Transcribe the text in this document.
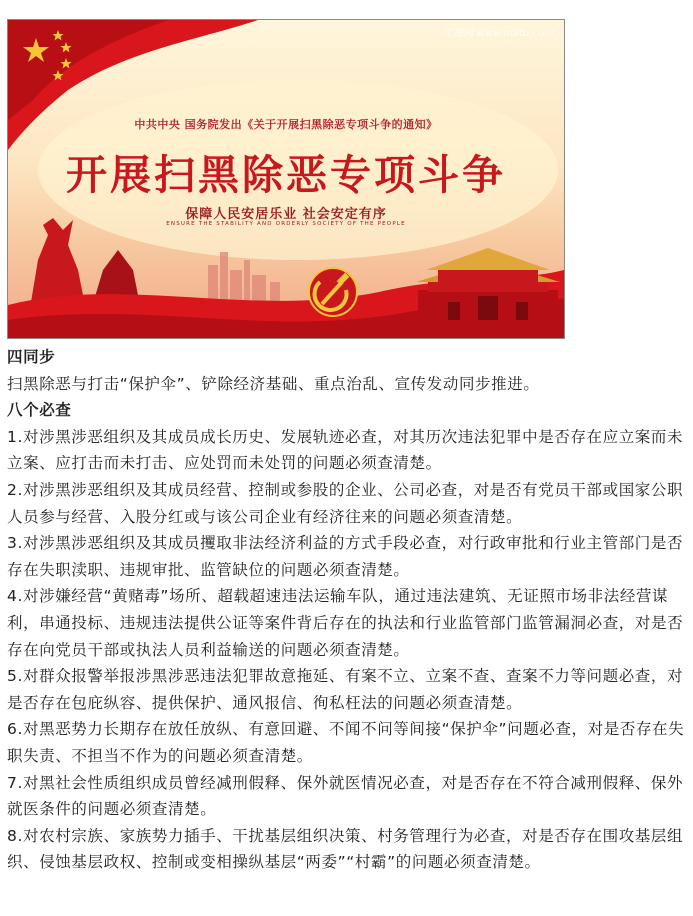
汇图网 www.huitu.com
中共中央 国务院发出《关于开展扫黑除恶专项斗争的通知》
开展扫黑除恶专项斗争
保障人民安居乐业 社会安定有序
ENSURE THE STABILITY AND ORDERLY SOCIETY OF THE PEOPLE

四同步

扫黑除恶与打击“保护伞”、铲除经济基础、重点治乱、宣传发动同步推进。

八个必查

1.对涉黑涉恶组织及其成员成长历史、发展轨迹必查，对其历次违法犯罪中是否存在应立案而未立案、应打击而未打击、应处罚而未处罚的问题必须查清楚。

2.对涉黑涉恶组织及其成员经营、控制或参股的企业、公司必查，对是否有党员干部或国家公职人员参与经营、入股分红或与该公司企业有经济往来的问题必须查清楚。

3.对涉黑涉恶组织及其成员攫取非法经济利益的方式手段必查，对行政审批和行业主管部门是否存在失职渎职、违规审批、监管缺位的问题必须查清楚。

4.对涉嫌经营“黄赌毒”场所、超载超速违法运输车队，通过违法建筑、无证照市场非法经营谋利，串通投标、违规违法提供公证等案件背后存在的执法和行业监管部门监管漏洞必查，对是否存在向党员干部或执法人员利益输送的问题必须查清楚。

5.对群众报警举报涉黑涉恶违法犯罪故意拖延、有案不立、立案不查、查案不力等问题必查，对是否存在包庇纵容、提供保护、通风报信、徇私枉法的问题必须查清楚。

6.对黑恶势力长期存在放任放纵、有意回避、不闻不问等间接“保护伞”问题必查，对是否存在失职失责、不担当不作为的问题必须查清楚。

7.对黑社会性质组织成员曾经减刑假释、保外就医情况必查，对是否存在不符合减刑假释、保外就医条件的问题必须查清楚。

8.对农村宗族、家族势力插手、干扰基层组织决策、村务管理行为必查，对是否存在围攻基层组织、侵蚀基层政权、控制或变相操纵基层“两委”“村霸”的问题必须查清楚。
